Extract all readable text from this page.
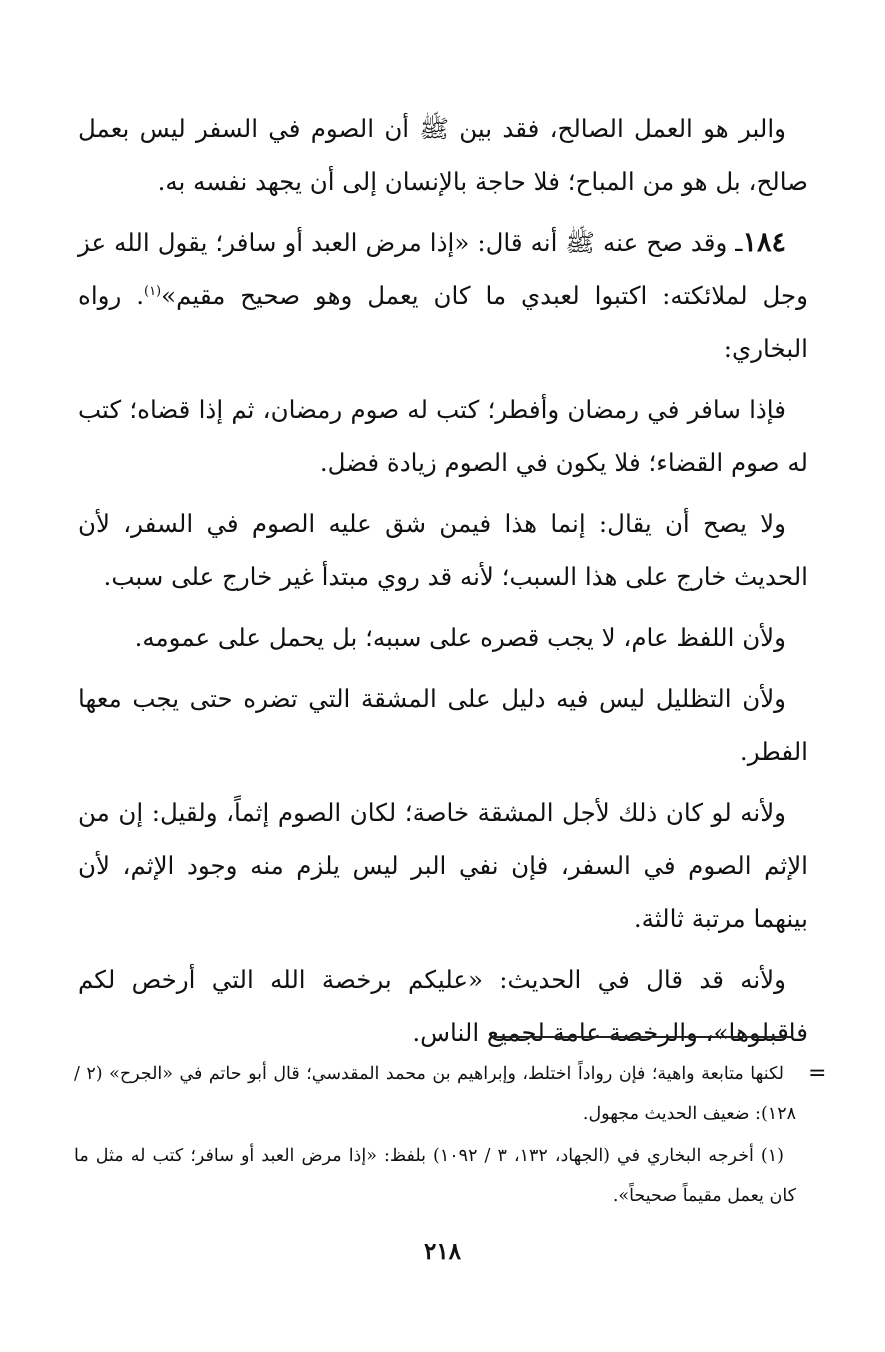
والبر هو العمل الصالح، فقد بين ﷺ أن الصوم في السفر ليس بعمل صالح، بل هو من المباح؛ فلا حاجة بالإنسان إلى أن يجهد نفسه به.

١٨٤ـ وقد صح عنه ﷺ أنه قال: «إذا مرض العبد أو سافر؛ يقول الله عز وجل لملائكته: اكتبوا لعبدي ما كان يعمل وهو صحيح مقيم»$^{(١)}$. رواه البخاري:

فإذا سافر في رمضان وأفطر؛ كتب له صوم رمضان، ثم إذا قضاه؛ كتب له صوم القضاء؛ فلا يكون في الصوم زيادة فضل.

ولا يصح أن يقال: إنما هذا فيمن شق عليه الصوم في السفر، لأن الحديث خارج على هذا السبب؛ لأنه قد روي مبتدأ غير خارج على سبب.

ولأن اللفظ عام، لا يجب قصره على سببه؛ بل يحمل على عمومه.

ولأن التظليل ليس فيه دليل على المشقة التي تضره حتى يجب معها الفطر.

ولأنه لو كان ذلك لأجل المشقة خاصة؛ لكان الصوم إثماً، ولقيل: إن من الإثم الصوم في السفر، فإن نفي البر ليس يلزم منه وجود الإثم، لأن بينهما مرتبة ثالثة.

ولأنه قد قال في الحديث: «عليكم برخصة الله التي أرخص لكم فاقبلوها»، والرخصة عامة لجميع الناس.

=

لكنها متابعة واهية؛ فإن رواداً اختلط، وإبراهيم بن محمد المقدسي؛ قال أبو حاتم في «الجرح» (٢ / ١٢٨): ضعيف الحديث مجهول.

(١) أخرجه البخاري في (الجهاد، ١٣٢، ٣ / ١٠٩٢) بلفظ: «إذا مرض العبد أو سافر؛ كتب له مثل ما كان يعمل مقيماً صحيحاً».

٢١٨
